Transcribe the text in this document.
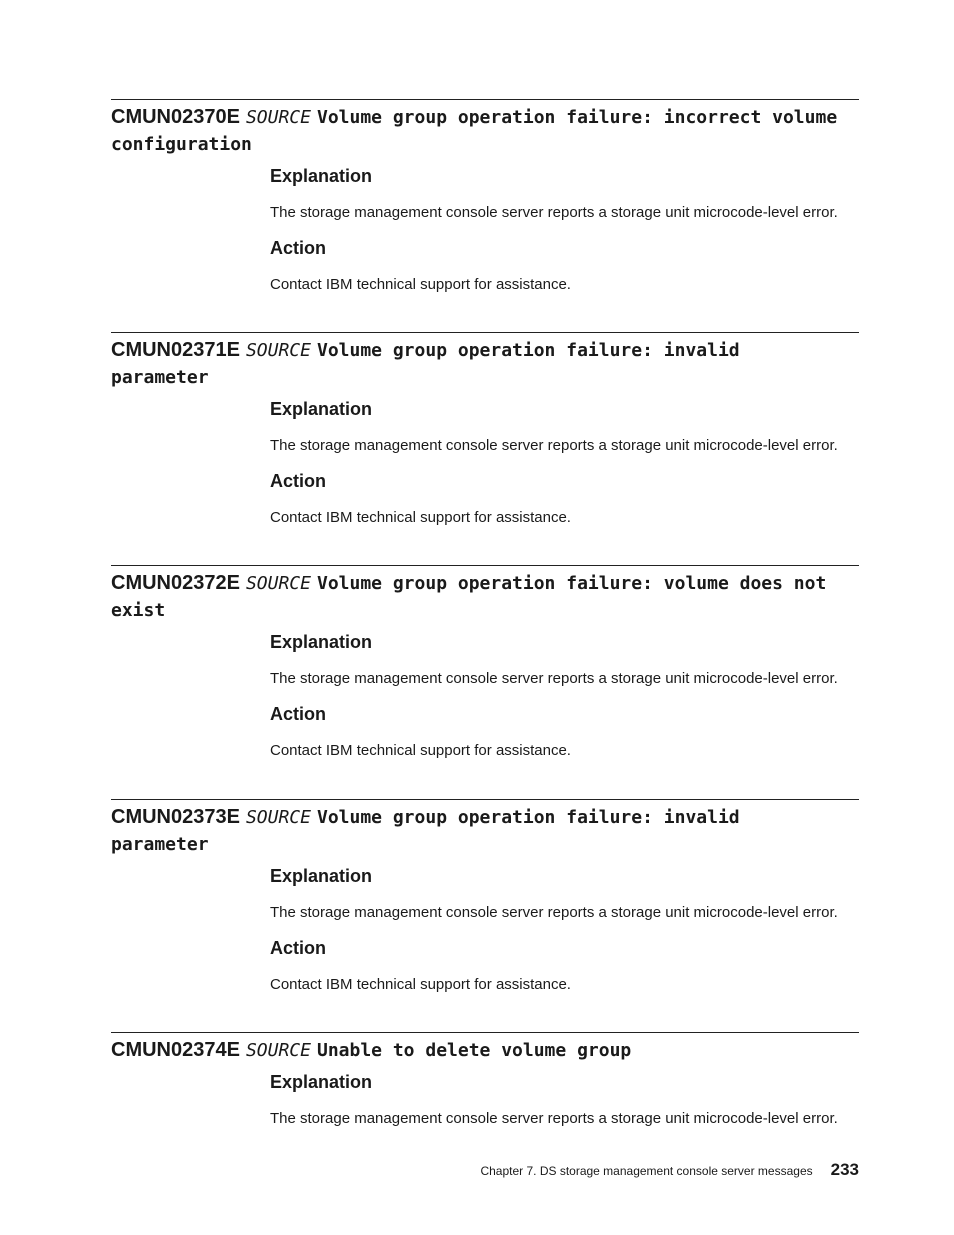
CMUN02370E SOURCE Volume group operation failure: incorrect volume configuration

Explanation

The storage management console server reports a storage unit microcode-level error.

Action

Contact IBM technical support for assistance.

CMUN02371E SOURCE Volume group operation failure: invalid parameter

Explanation

The storage management console server reports a storage unit microcode-level error.

Action

Contact IBM technical support for assistance.

CMUN02372E SOURCE Volume group operation failure: volume does not exist

Explanation

The storage management console server reports a storage unit microcode-level error.

Action

Contact IBM technical support for assistance.

CMUN02373E SOURCE Volume group operation failure: invalid parameter

Explanation

The storage management console server reports a storage unit microcode-level error.

Action

Contact IBM technical support for assistance.

CMUN02374E SOURCE Unable to delete volume group

Explanation

The storage management console server reports a storage unit microcode-level error.

Chapter 7. DS storage management console server messages 233
